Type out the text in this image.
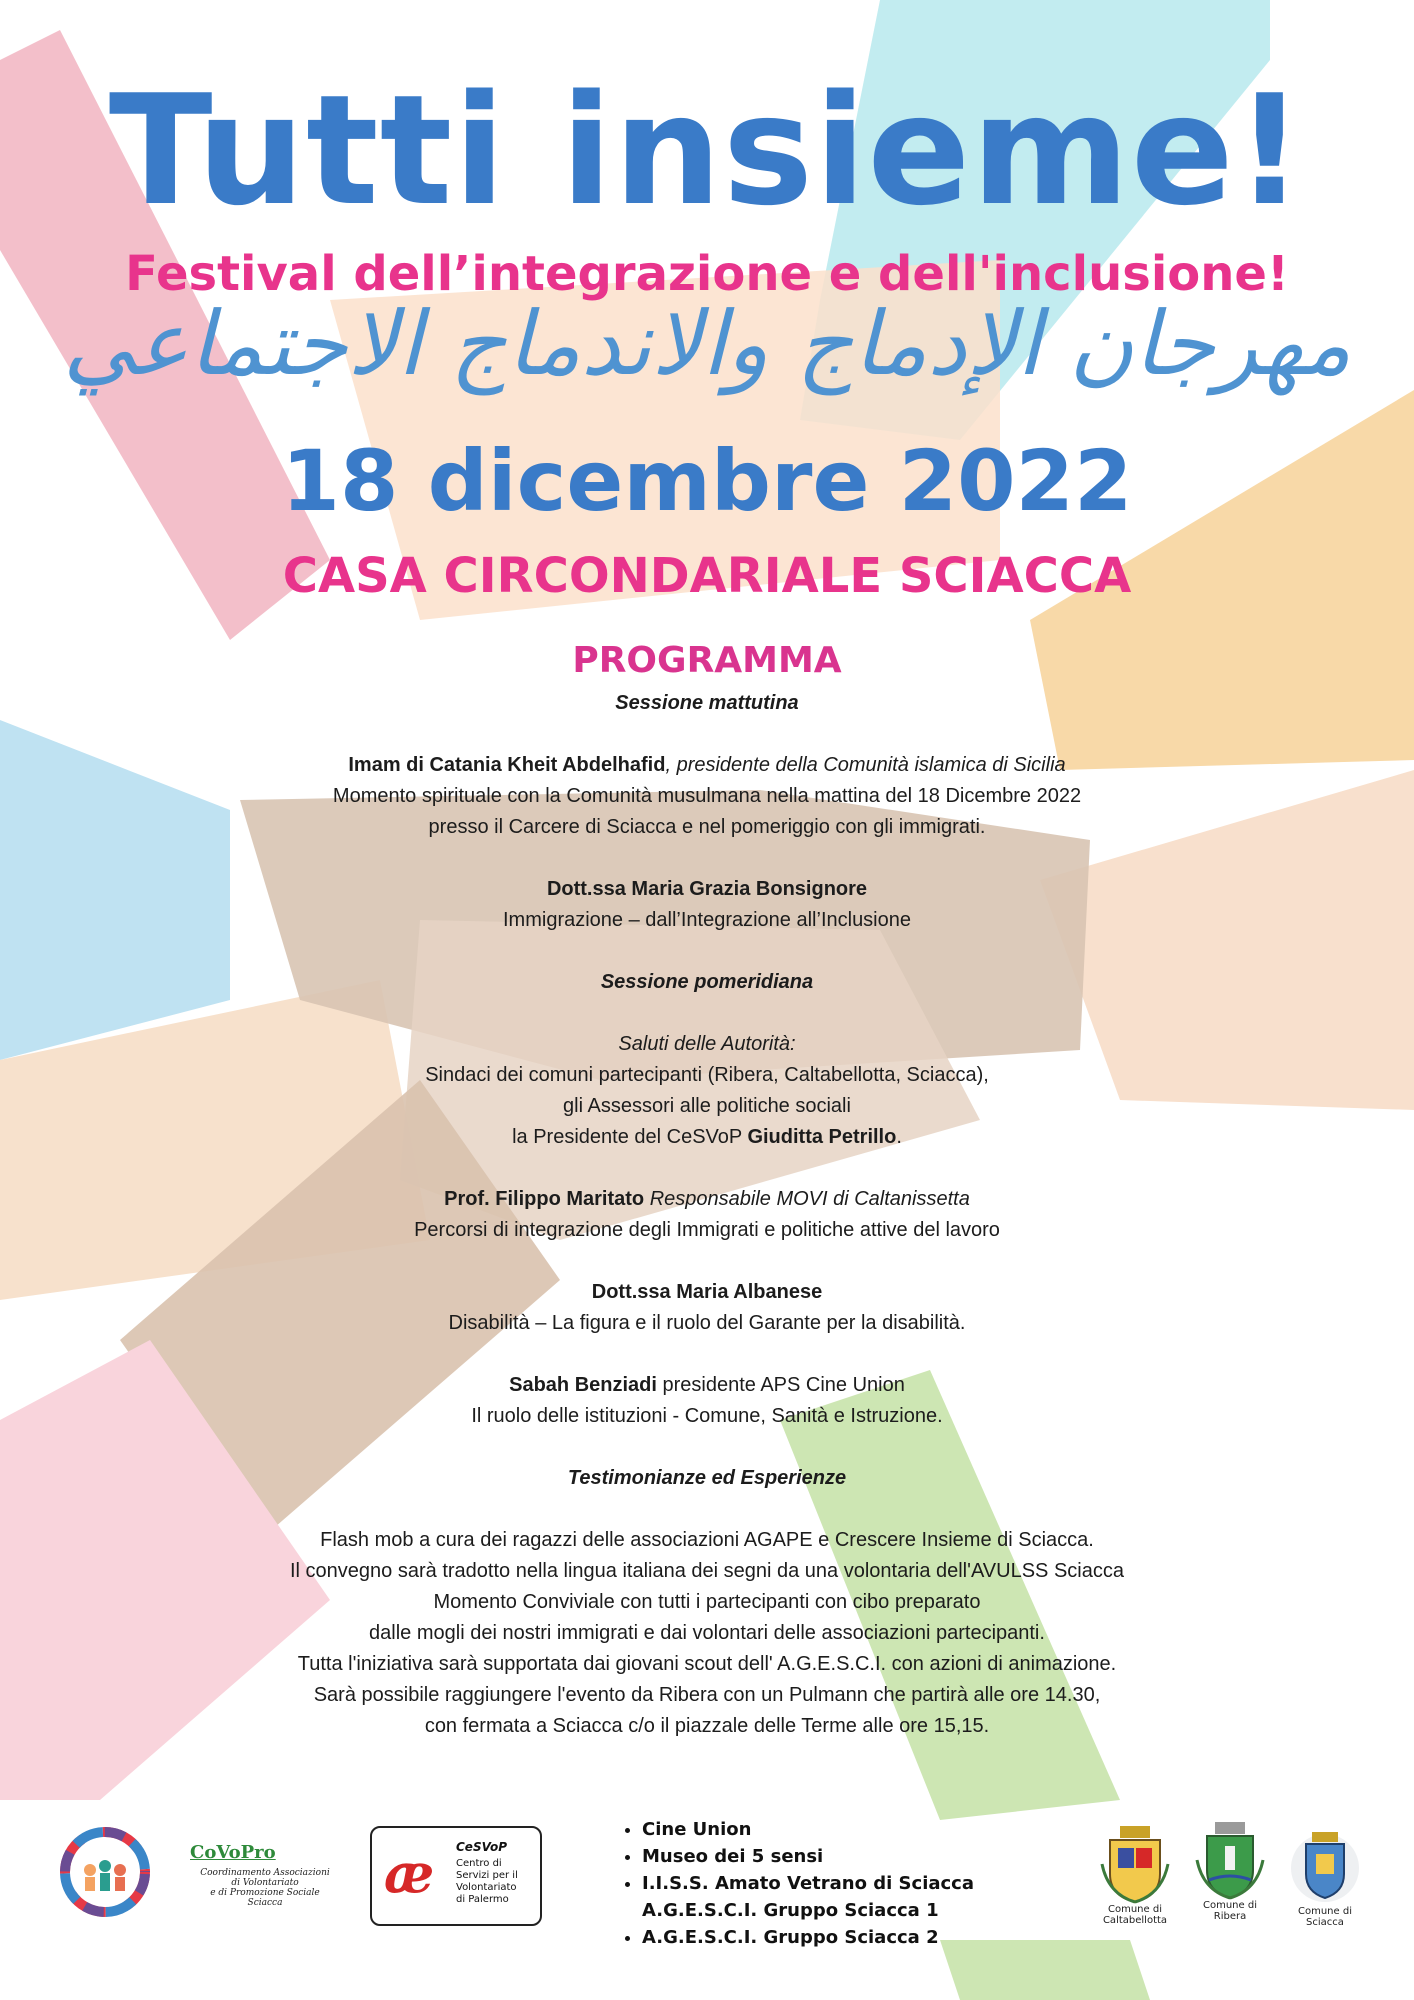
Tutti insieme!
Festival dell’integrazione e dell'inclusione!
مهرجان الإدماج والاندماج الاجتماعي
18 dicembre 2022
CASA CIRCONDARIALE SCIACCA
PROGRAMMA

Sessione mattutina

Imam di Catania Kheit Abdelhafid, presidente della Comunità islamica di Sicilia

Momento spirituale con la Comunità musulmana nella mattina del 18 Dicembre 2022

presso il Carcere di Sciacca e nel pomeriggio con gli immigrati.

Dott.ssa Maria Grazia Bonsignore

Immigrazione – dall’Integrazione all’Inclusione

Sessione pomeridiana

Saluti delle Autorità:

Sindaci dei comuni partecipanti (Ribera, Caltabellotta, Sciacca),

gli Assessori alle politiche sociali

la Presidente del CeSVoP Giuditta Petrillo.

Prof. Filippo Maritato Responsabile MOVI di Caltanissetta

Percorsi di integrazione degli Immigrati e politiche attive del lavoro

Dott.ssa Maria Albanese

Disabilità – La figura e il ruolo del Garante per la disabilità.

Sabah Benziadi presidente APS Cine Union

Il ruolo delle istituzioni - Comune, Sanità e Istruzione.

Testimonianze ed Esperienze

Flash mob a cura dei ragazzi delle associazioni AGAPE e Crescere Insieme di Sciacca.

Il convegno sarà tradotto nella lingua italiana dei segni da una volontaria dell'AVULSS Sciacca

Momento Conviviale con tutti i partecipanti con cibo preparato

dalle mogli dei nostri immigrati e dai volontari delle associazioni partecipanti.

Tutta l'iniziativa sarà supportata dai giovani scout dell' A.G.E.S.C.I. con azioni di animazione.

Sarà possibile raggiungere l'evento da Ribera con un Pulmann che partirà alle ore 14.30,

con fermata a Sciacca c/o il piazzale delle Terme alle ore 15,15.

CoVoPro
Coordinamento Associazioni
di Volontariato
e di Promozione Sociale
Sciacca	æ CeSVoP
Centro di
Servizi per il
Volontariato
di Palermo
• Cine Union
• Museo dei 5 sensi
• I.I.S.S. Amato Vetrano di Sciacca
A.G.E.S.C.I. Gruppo Sciacca 1
• A.G.E.S.C.I. Gruppo Sciacca 2
Comune di
Caltabellotta
Comune di
Ribera	Comune di
Sciacca
